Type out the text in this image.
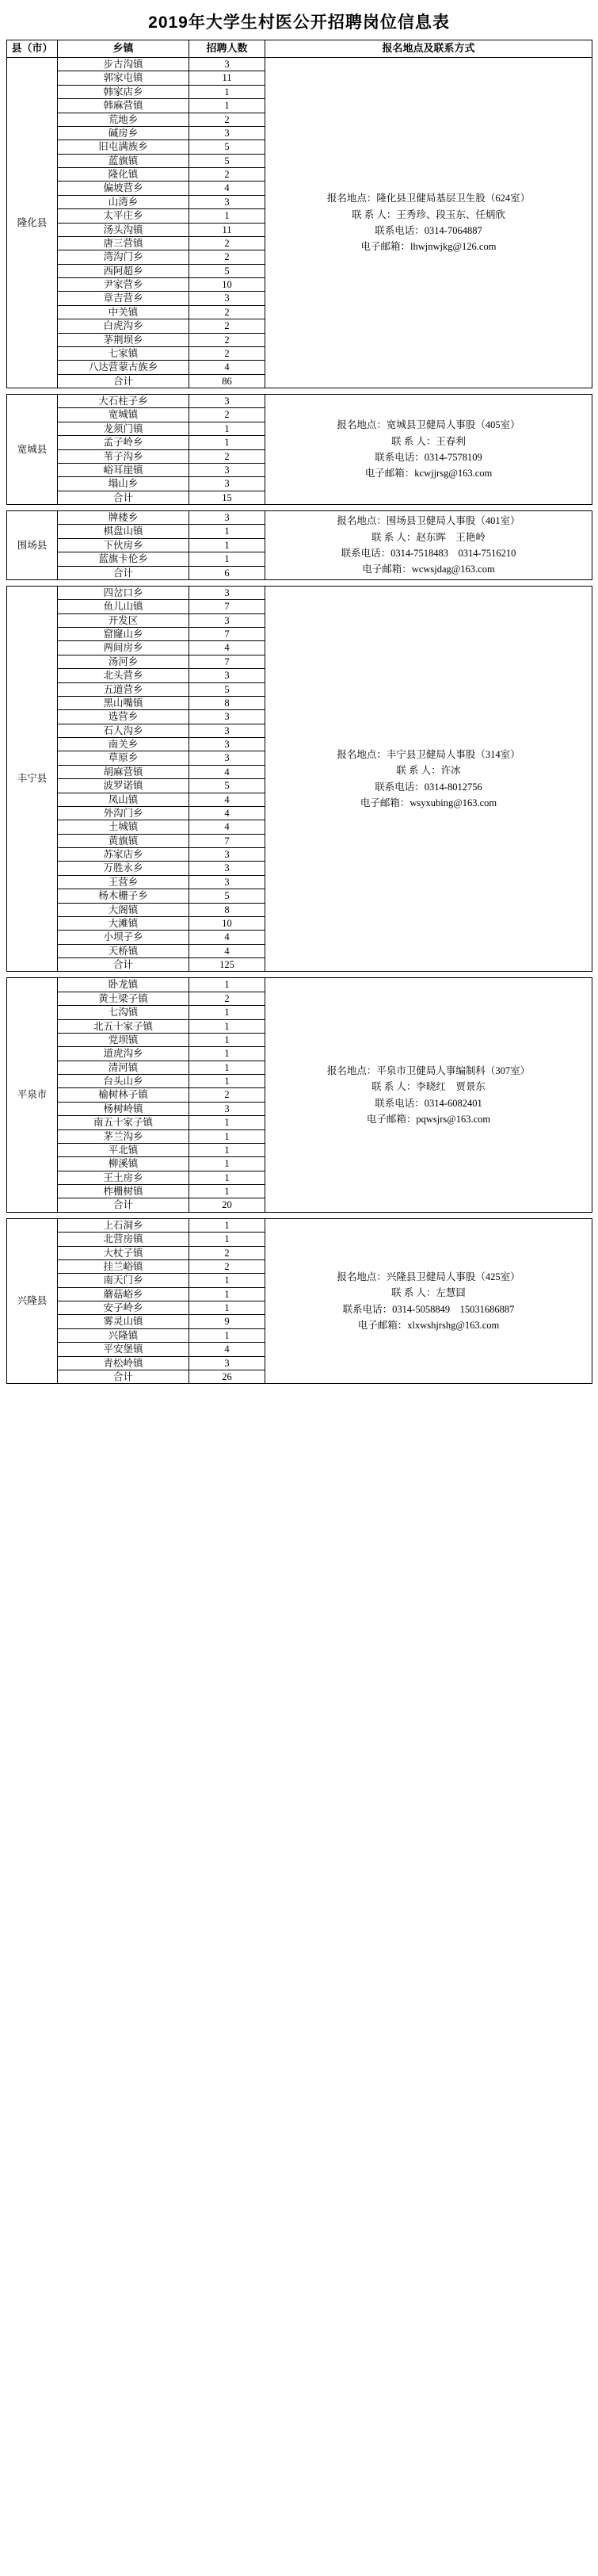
2019年大学生村医公开招聘岗位信息表
县（市）	乡镇	招聘人数	报名地点及联系方式
隆化县	步古沟镇	3	报名地点：隆化县卫健局基层卫生股（624室）
联 系 人：王秀珍、段玉东、任炳欣
联系电话：0314-7064887
电子邮箱：lhwjnwjkg@126.com

	郭家屯镇	11	
	韩家店乡	1	
	韩麻营镇	1	
	荒地乡	2	
	碱房乡	3	
	旧屯满族乡	5	
	蓝旗镇	5	
	隆化镇	2	
	偏坡营乡	4	
	山湾乡	3	
	太平庄乡	1	
	汤头沟镇	11	
	唐三营镇	2	
	湾沟门乡	2	
	西阿超乡	5	
	尹家营乡	10	
	章吉营乡	3	
	中关镇	2	
	白虎沟乡	2	
	茅荆坝乡	2	
	七家镇	2	
	八达营蒙古族乡	4	
	合计	86	
宽城县	大石柱子乡	3	报名地点：宽城县卫健局人事股（405室）
联 系 人：王春利
联系电话：0314-7578109
电子邮箱：kcwjjrsg@163.com

	宽城镇	2	
	龙须门镇	1	
	孟子岭乡	1	
	苇子沟乡	2	
	峪耳崖镇	3	
	塌山乡	3	
	合计	15	
围场县	牌楼乡	3	报名地点：围场县卫健局人事股（401室）
联 系 人：赵东晖　王艳岭
联系电话：0314-7518483　0314-7516210
电子邮箱：wcwsjdag@163.com

	棋盘山镇	1	
	下伙房乡	1	
	蓝旗卡伦乡	1	
	合计	6	
丰宁县	四岔口乡	3	报名地点：丰宁县卫健局人事股（314室）
联 系 人：许冰
联系电话：0314-8012756
电子邮箱：wsyxubing@163.com

	鱼儿山镇	7	
	开发区	3	
	窟窿山乡	7	
	两间房乡	4	
	汤河乡	7	
	北头营乡	3	
	五道营乡	5	
	黑山嘴镇	8	
	选营乡	3	
	石人沟乡	3	
	南关乡	3	
	草原乡	3	
	胡麻营镇	4	
	波罗诺镇	5	
	凤山镇	4	
	外沟门乡	4	
	土城镇	4	
	黄旗镇	7	
	苏家店乡	3	
	万胜永乡	3	
	王营乡	3	
	杨木栅子乡	5	
	大阁镇	8	
	大滩镇	10	
	小坝子乡	4	
	天桥镇	4	
	合计	125	
平泉市	卧龙镇	1	报名地点：平泉市卫健局人事编制科（307室）
联 系 人：李晓红　贾景东
联系电话：0314-6082401
电子邮箱：pqwsjrs@163.com

	黄土梁子镇	2	
	七沟镇	1	
	北五十家子镇	1	
	党坝镇	1	
	道虎沟乡	1	
	清河镇	1	
	台头山乡	1	
	榆树林子镇	2	
	杨树岭镇	3	
	南五十家子镇	1	
	茅兰沟乡	1	
	平北镇	1	
	柳溪镇	1	
	王土房乡	1	
	柞栅树镇	1	
	合计	20	
兴隆县	上石洞乡	1	报名地点：兴隆县卫健局人事股（425室）
联 系 人：左慧囧
联系电话：0314-5058849　15031686887
电子邮箱：xlxwshjrshg@163.com

	北营房镇	1	
	大杖子镇	2	
	挂兰峪镇	2	
	南天门乡	1	
	蘑菇峪乡	1	
	安子岭乡	1	
	雾灵山镇	9	
	兴隆镇	1	
	平安堡镇	4	
	青松岭镇	3	
	合计	26	
